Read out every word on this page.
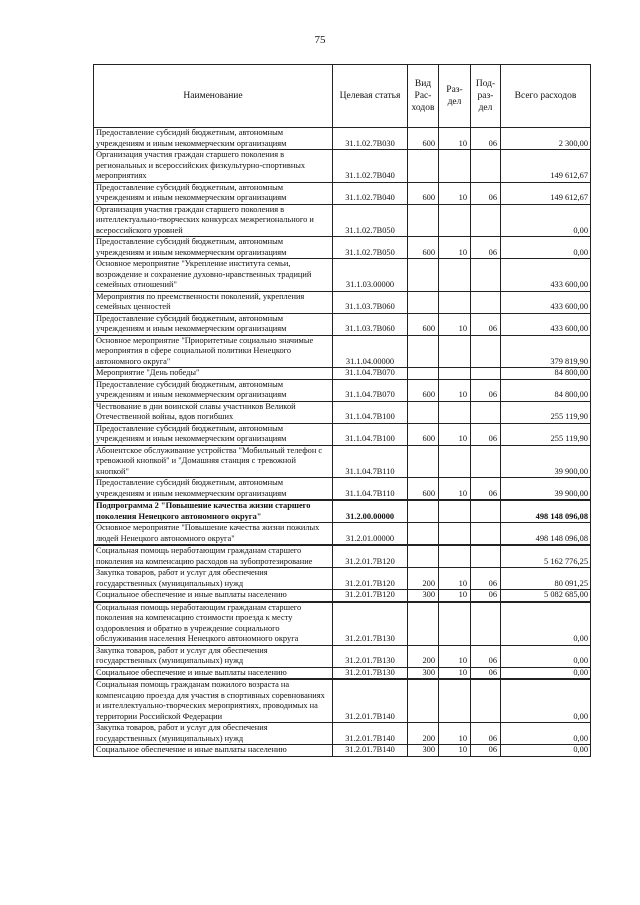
75
Наименование	Целевая статья	Вид Рас- ходов	Раз- дел	Под- раз- дел	Всего расходов
Предоставление субсидий бюджетным, автономным учреждениям и иным некоммерческим организациям	31.1.02.7В030	600	10	06	2 300,00
Организация участия граждан старшего поколения в региональных и всероссийских физкультурно-спортивных мероприятиях	31.1.02.7В040				149 612,67
Предоставление субсидий бюджетным, автономным учреждениям и иным некоммерческим организациям	31.1.02.7В040	600	10	06	149 612,67
Организация участия граждан старшего поколения в интеллектуально-творческих конкурсах межрегионального и всероссийского уровней	31.1.02.7В050				0,00
Предоставление субсидий бюджетным, автономным учреждениям и иным некоммерческим организациям	31.1.02.7В050	600	10	06	0,00
Основное мероприятие "Укрепление института семьи, возрождение и сохранение духовно-нравственных традиций семейных отношений"	31.1.03.00000				433 600,00
Мероприятия по преемственности поколений, укрепления семейных ценностей	31.1.03.7В060				433 600,00
Предоставление субсидий бюджетным, автономным учреждениям и иным некоммерческим организациям	31.1.03.7В060	600	10	06	433 600,00
Основное мероприятие "Приоритетные социально значимые мероприятия в сфере социальной политики Ненецкого автономного округа"	31.1.04.00000				379 819,90
Мероприятие "День победы"	31.1.04.7В070				84 800,00
Предоставление субсидий бюджетным, автономным учреждениям и иным некоммерческим организациям	31.1.04.7В070	600	10	06	84 800,00
Чествование в дни воинской славы участников Великой Отечественной войны, вдов погибших	31.1.04.7В100				255 119,90
Предоставление субсидий бюджетным, автономным учреждениям и иным некоммерческим организациям	31.1.04.7В100	600	10	06	255 119,90
Абонентское обслуживание устройства "Мобильный телефон с тревожной кнопкой" и "Домашняя станция с тревожной кнопкой"	31.1.04.7В110				39 900,00
Предоставление субсидий бюджетным, автономным учреждениям и иным некоммерческим организациям	31.1.04.7В110	600	10	06	39 900,00
Подпрограмма 2 "Повышение качества жизни старшего поколения Ненецкого автономного округа"	31.2.00.00000				498 148 096,08
Основное мероприятие "Повышение качества жизни пожилых людей Ненецкого автономного округа"	31.2.01.00000				498 148 096,08
Социальная помощь неработающим гражданам старшего поколения на компенсацию расходов на зубопротезирование	31.2.01.7В120				5 162 776,25
Закупка товаров, работ и услуг для обеспечения государственных (муниципальных) нужд	31.2.01.7В120	200	10	06	80 091,25
Социальное обеспечение и иные выплаты населению	31.2.01.7В120	300	10	06	5 082 685,00
Социальная помощь неработающим гражданам старшего поколения на компенсацию стоимости проезда к месту оздоровления и обратно в учреждение социального обслуживания населения Ненецкого автономного округа	31.2.01.7В130				0,00
Закупка товаров, работ и услуг для обеспечения государственных (муниципальных) нужд	31.2.01.7В130	200	10	06	0,00
Социальное обеспечение и иные выплаты населению	31.2.01.7В130	300	10	06	0,00
Социальная помощь гражданам пожилого возраста на компенсацию проезда для участия в спортивных соревнованиях и интеллектуально-творческих мероприятиях, проводимых на территории Российской Федерации	31.2.01.7В140				0,00
Закупка товаров, работ и услуг для обеспечения государственных (муниципальных) нужд	31.2.01.7В140	200	10	06	0,00
Социальное обеспечение и иные выплаты населению	31.2.01.7В140	300	10	06	0,00
